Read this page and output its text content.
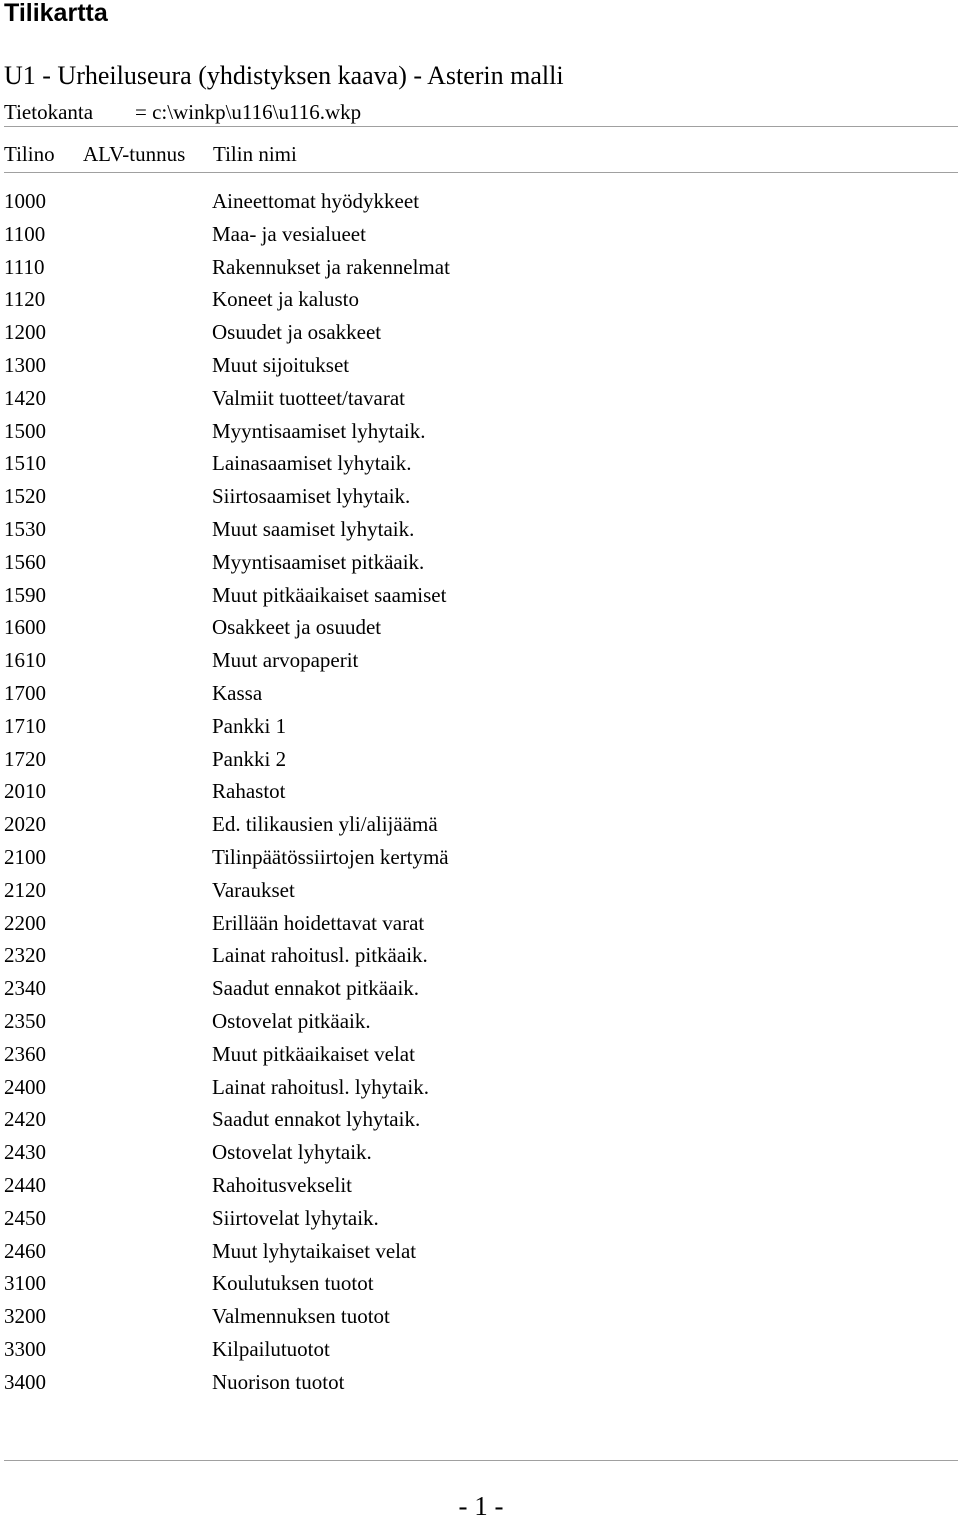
Tilikartta
U1 - Urheiluseura (yhdistyksen kaava) - Asterin malli
Tietokanta = c:\winkp\u116\u116.wkp
Tilino ALV-tunnus Tilin nimi
1000	Aineettomat hyödykkeet
1100	Maa- ja vesialueet
1110	Rakennukset ja rakennelmat
1120	Koneet ja kalusto
1200	Osuudet ja osakkeet
1300	Muut sijoitukset
1420	Valmiit tuotteet/tavarat
1500	Myyntisaamiset lyhytaik.
1510	Lainasaamiset lyhytaik.
1520	Siirtosaamiset lyhytaik.
1530	Muut saamiset lyhytaik.
1560	Myyntisaamiset pitkäaik.
1590	Muut pitkäaikaiset saamiset
1600	Osakkeet ja osuudet
1610	Muut arvopaperit
1700	Kassa
1710	Pankki 1
1720	Pankki 2
2010	Rahastot
2020	Ed. tilikausien yli/alijäämä
2100	Tilinpäätössiirtojen kertymä
2120	Varaukset
2200	Erillään hoidettavat varat
2320	Lainat rahoitusl. pitkäaik.
2340	Saadut ennakot pitkäaik.
2350	Ostovelat pitkäaik.
2360	Muut pitkäaikaiset velat
2400	Lainat rahoitusl. lyhytaik.
2420	Saadut ennakot lyhytaik.
2430	Ostovelat lyhytaik.
2440	Rahoitusvekselit
2450	Siirtovelat lyhytaik.
2460	Muut lyhytaikaiset velat
3100	Koulutuksen tuotot
3200	Valmennuksen tuotot
3300	Kilpailutuotot
3400	Nuorison tuotot
- 1 -
